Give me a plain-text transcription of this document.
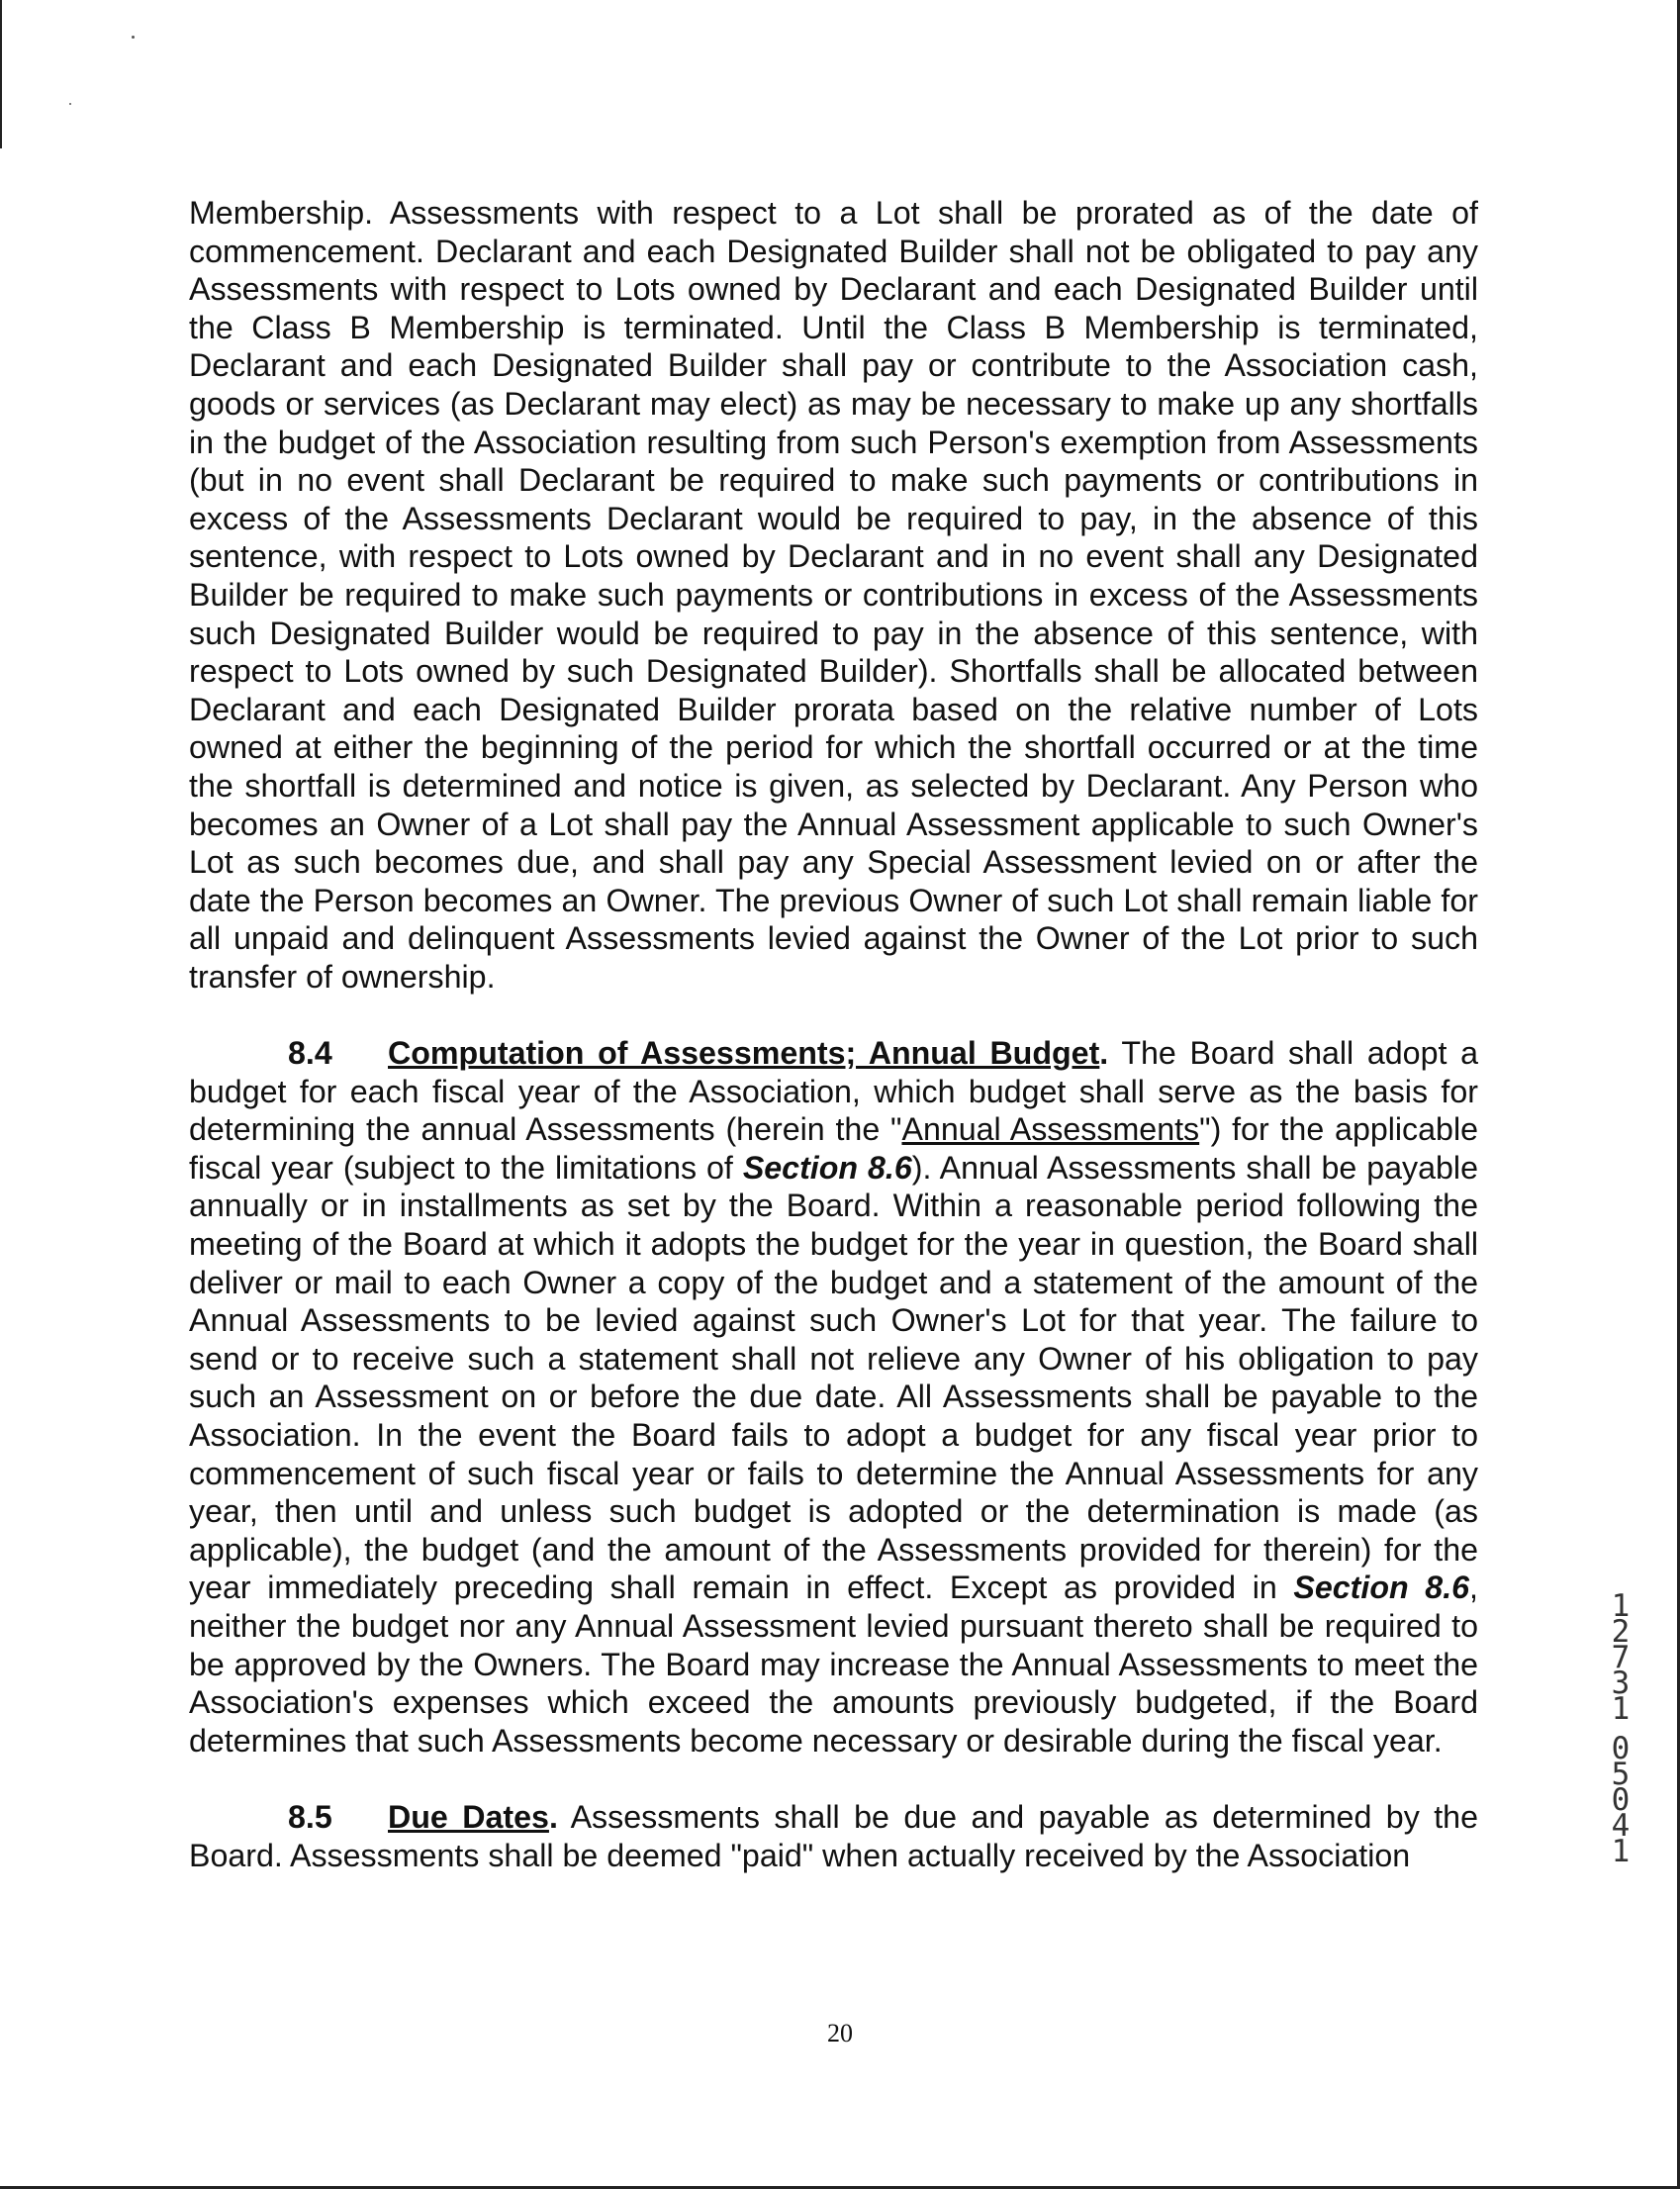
Membership. Assessments with respect to a Lot shall be prorated as of the date of commencement. Declarant and each Designated Builder shall not be obligated to pay any Assessments with respect to Lots owned by Declarant and each Designated Builder until the Class B Membership is terminated. Until the Class B Membership is terminated, Declarant and each Designated Builder shall pay or contribute to the Association cash, goods or services (as Declarant may elect) as may be necessary to make up any shortfalls in the budget of the Association resulting from such Person's exemption from Assessments (but in no event shall Declarant be required to make such payments or contributions in excess of the Assessments Declarant would be required to pay, in the absence of this sentence, with respect to Lots owned by Declarant and in no event shall any Designated Builder be required to make such payments or contributions in excess of the Assessments such Designated Builder would be required to pay in the absence of this sentence, with respect to Lots owned by such Designated Builder). Shortfalls shall be allocated between Declarant and each Designated Builder prorata based on the relative number of Lots owned at either the beginning of the period for which the shortfall occurred or at the time the shortfall is determined and notice is given, as selected by Declarant. Any Person who becomes an Owner of a Lot shall pay the Annual Assessment applicable to such Owner's Lot as such becomes due, and shall pay any Special Assessment levied on or after the date the Person becomes an Owner. The previous Owner of such Lot shall remain liable for all unpaid and delinquent Assessments levied against the Owner of the Lot prior to such transfer of ownership.

8.4 Computation of Assessments; Annual Budget. The Board shall adopt a budget for each fiscal year of the Association, which budget shall serve as the basis for determining the annual Assessments (herein the "Annual Assessments") for the applicable fiscal year (subject to the limitations of Section 8.6). Annual Assessments shall be payable annually or in installments as set by the Board. Within a reasonable period following the meeting of the Board at which it adopts the budget for the year in question, the Board shall deliver or mail to each Owner a copy of the budget and a statement of the amount of the Annual Assessments to be levied against such Owner's Lot for that year. The failure to send or to receive such a statement shall not relieve any Owner of his obligation to pay such an Assessment on or before the due date. All Assessments shall be payable to the Association. In the event the Board fails to adopt a budget for any fiscal year prior to commencement of such fiscal year or fails to determine the Annual Assessments for any year, then until and unless such budget is adopted or the determination is made (as applicable), the budget (and the amount of the Assessments provided for therein) for the year immediately preceding shall remain in effect. Except as provided in Section 8.6, neither the budget nor any Annual Assessment levied pursuant thereto shall be required to be approved by the Owners. The Board may increase the Annual Assessments to meet the Association's expenses which exceed the amounts previously budgeted, if the Board determines that such Assessments become necessary or desirable during the fiscal year.

8.5 Due Dates. Assessments shall be due and payable as determined by the Board. Assessments shall be deemed "paid" when actually received by the Association

20
1
2
7
3
1
0
5
0
4
1
